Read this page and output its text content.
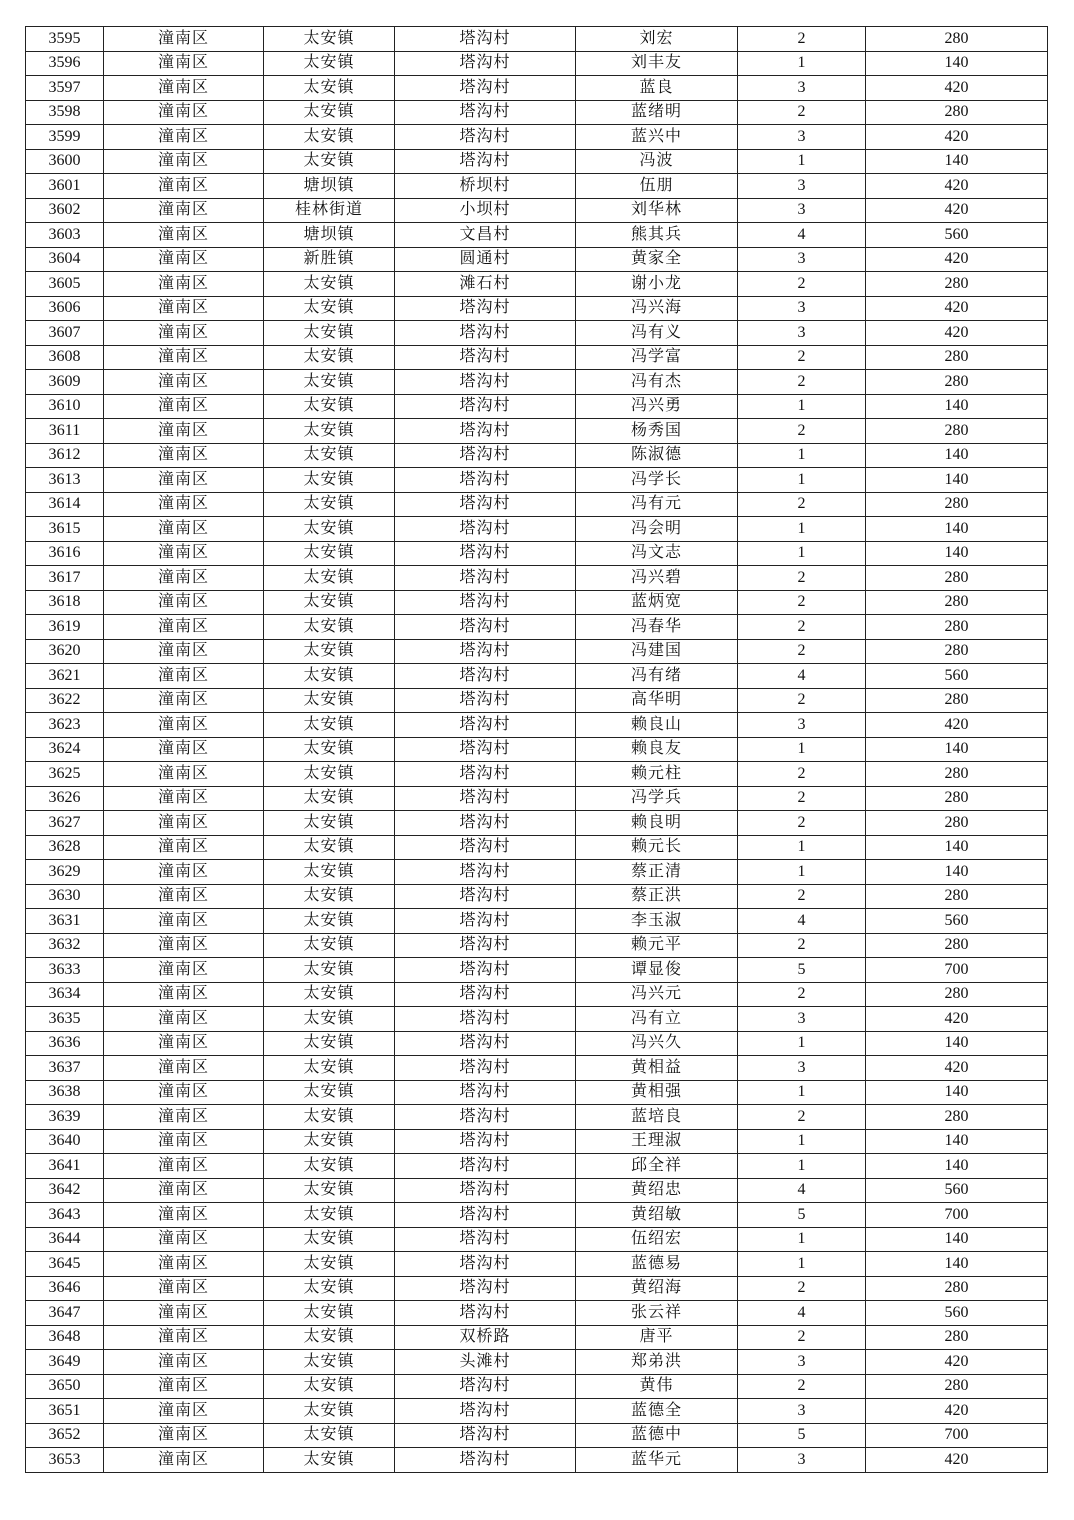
3595	潼南区	太安镇	塔沟村	刘宏	2	280
3596	潼南区	太安镇	塔沟村	刘丰友	1	140
3597	潼南区	太安镇	塔沟村	蓝良	3	420
3598	潼南区	太安镇	塔沟村	蓝绪明	2	280
3599	潼南区	太安镇	塔沟村	蓝兴中	3	420
3600	潼南区	太安镇	塔沟村	冯波	1	140
3601	潼南区	塘坝镇	桥坝村	伍朋	3	420
3602	潼南区	桂林街道	小坝村	刘华林	3	420
3603	潼南区	塘坝镇	文昌村	熊其兵	4	560
3604	潼南区	新胜镇	圆通村	黄家全	3	420
3605	潼南区	太安镇	滩石村	谢小龙	2	280
3606	潼南区	太安镇	塔沟村	冯兴海	3	420
3607	潼南区	太安镇	塔沟村	冯有义	3	420
3608	潼南区	太安镇	塔沟村	冯学富	2	280
3609	潼南区	太安镇	塔沟村	冯有杰	2	280
3610	潼南区	太安镇	塔沟村	冯兴勇	1	140
3611	潼南区	太安镇	塔沟村	杨秀国	2	280
3612	潼南区	太安镇	塔沟村	陈淑德	1	140
3613	潼南区	太安镇	塔沟村	冯学长	1	140
3614	潼南区	太安镇	塔沟村	冯有元	2	280
3615	潼南区	太安镇	塔沟村	冯会明	1	140
3616	潼南区	太安镇	塔沟村	冯文志	1	140
3617	潼南区	太安镇	塔沟村	冯兴碧	2	280
3618	潼南区	太安镇	塔沟村	蓝炳宽	2	280
3619	潼南区	太安镇	塔沟村	冯春华	2	280
3620	潼南区	太安镇	塔沟村	冯建国	2	280
3621	潼南区	太安镇	塔沟村	冯有绪	4	560
3622	潼南区	太安镇	塔沟村	高华明	2	280
3623	潼南区	太安镇	塔沟村	赖良山	3	420
3624	潼南区	太安镇	塔沟村	赖良友	1	140
3625	潼南区	太安镇	塔沟村	赖元柱	2	280
3626	潼南区	太安镇	塔沟村	冯学兵	2	280
3627	潼南区	太安镇	塔沟村	赖良明	2	280
3628	潼南区	太安镇	塔沟村	赖元长	1	140
3629	潼南区	太安镇	塔沟村	蔡正清	1	140
3630	潼南区	太安镇	塔沟村	蔡正洪	2	280
3631	潼南区	太安镇	塔沟村	李玉淑	4	560
3632	潼南区	太安镇	塔沟村	赖元平	2	280
3633	潼南区	太安镇	塔沟村	谭显俊	5	700
3634	潼南区	太安镇	塔沟村	冯兴元	2	280
3635	潼南区	太安镇	塔沟村	冯有立	3	420
3636	潼南区	太安镇	塔沟村	冯兴久	1	140
3637	潼南区	太安镇	塔沟村	黄相益	3	420
3638	潼南区	太安镇	塔沟村	黄相强	1	140
3639	潼南区	太安镇	塔沟村	蓝培良	2	280
3640	潼南区	太安镇	塔沟村	王理淑	1	140
3641	潼南区	太安镇	塔沟村	邱全祥	1	140
3642	潼南区	太安镇	塔沟村	黄绍忠	4	560
3643	潼南区	太安镇	塔沟村	黄绍敏	5	700
3644	潼南区	太安镇	塔沟村	伍绍宏	1	140
3645	潼南区	太安镇	塔沟村	蓝德易	1	140
3646	潼南区	太安镇	塔沟村	黄绍海	2	280
3647	潼南区	太安镇	塔沟村	张云祥	4	560
3648	潼南区	太安镇	双桥路	唐平	2	280
3649	潼南区	太安镇	头滩村	郑弟洪	3	420
3650	潼南区	太安镇	塔沟村	黄伟	2	280
3651	潼南区	太安镇	塔沟村	蓝德全	3	420
3652	潼南区	太安镇	塔沟村	蓝德中	5	700
3653	潼南区	太安镇	塔沟村	蓝华元	3	420
